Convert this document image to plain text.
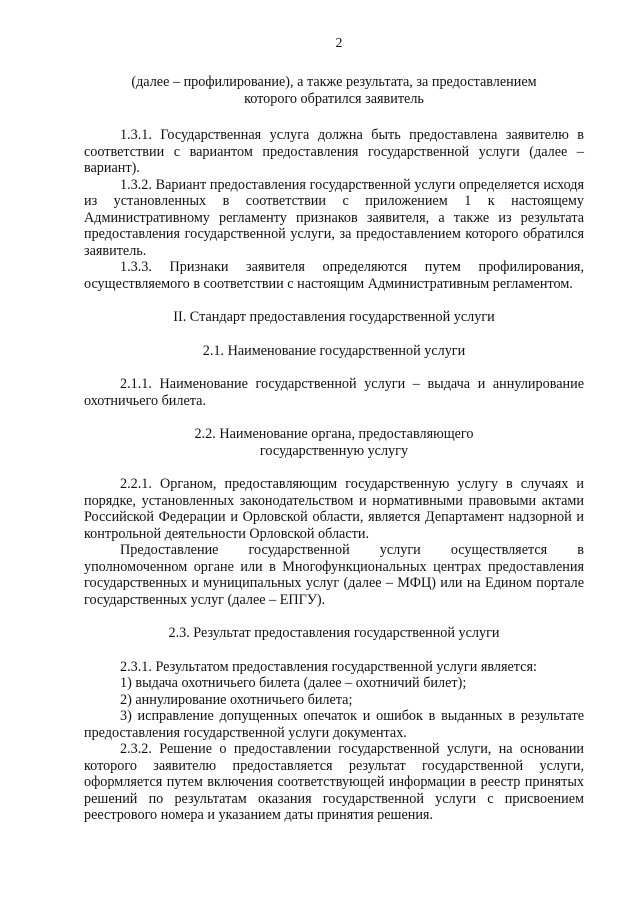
2
(далее – профилирование), а также результата, за предоставлением
которого обратился заявитель

1.3.1. Государственная услуга должна быть предоставлена заявителю в соответствии с вариантом предоставления государственной услуги (далее – вариант).

1.3.2. Вариант предоставления государственной услуги определяется исходя из установленных в соответствии с приложением 1 к настоящему Административному регламенту признаков заявителя, а также из результата предоставления государственной услуги, за предоставлением которого обратился заявитель.

1.3.3. Признаки заявителя определяются путем профилирования, осуществляемого в соответствии с настоящим Административным регламентом.

II. Стандарт предоставления государственной услуги
2.1. Наименование государственной услуги

2.1.1. Наименование государственной услуги – выдача и аннулирование охотничьего билета.

2.2. Наименование органа, предоставляющего
государственную услугу

2.2.1. Органом, предоставляющим государственную услугу в случаях и порядке, установленных законодательством и нормативными правовыми актами Российской Федерации и Орловской области, является Департамент надзорной и контрольной деятельности Орловской области.

Предоставление государственной услуги осуществляется в уполномоченном органе или в Многофункциональных центрах предоставления государственных и муниципальных услуг (далее – МФЦ) или на Едином портале государственных услуг (далее – ЕПГУ).

2.3. Результат предоставления государственной услуги

2.3.1. Результатом предоставления государственной услуги является:

1) выдача охотничьего билета (далее – охотничий билет);

2) аннулирование охотничьего билета;

3) исправление допущенных опечаток и ошибок в выданных в результате предоставления государственной услуги документах.

2.3.2. Решение о предоставлении государственной услуги, на основании которого заявителю предоставляется результат государственной услуги, оформляется путем включения соответствующей информации в реестр принятых решений по результатам оказания государственной услуги с присвоением реестрового номера и указанием даты принятия решения.
